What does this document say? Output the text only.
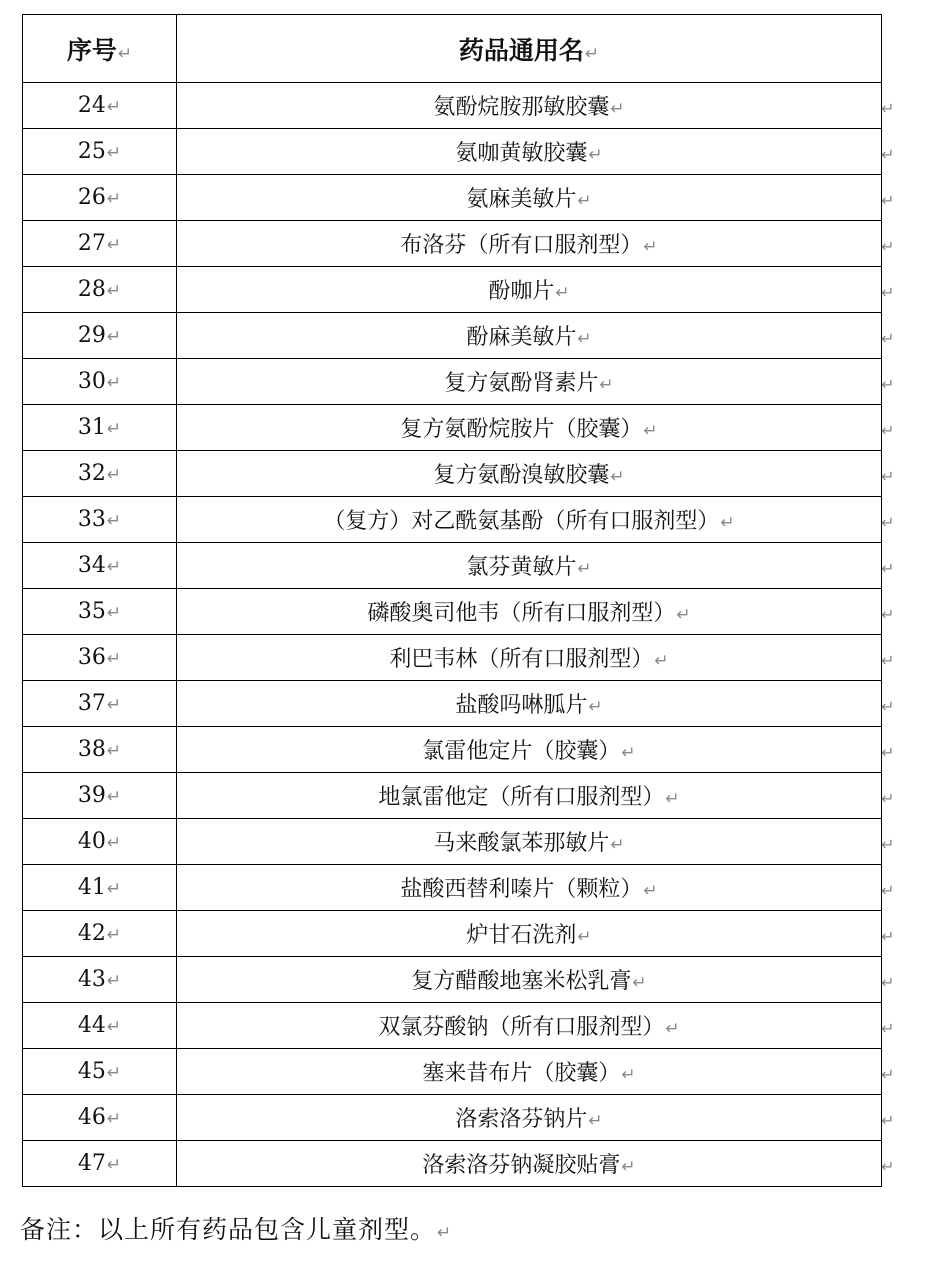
序号↵	药品通用名↵
24↵	氨酚烷胺那敏胶囊↵
25↵	氨咖黄敏胶囊↵
26↵	氨麻美敏片↵
27↵	布洛芬（所有口服剂型）↵
28↵	酚咖片↵
29↵	酚麻美敏片↵
30↵	复方氨酚肾素片↵
31↵	复方氨酚烷胺片（胶囊）↵
32↵	复方氨酚溴敏胶囊↵
33↵	（复方）对乙酰氨基酚（所有口服剂型）↵
34↵	氯芬黄敏片↵
35↵	磷酸奥司他韦（所有口服剂型）↵
36↵	利巴韦林（所有口服剂型）↵
37↵	盐酸吗啉胍片↵
38↵	氯雷他定片（胶囊）↵
39↵	地氯雷他定（所有口服剂型）↵
40↵	马来酸氯苯那敏片↵
41↵	盐酸西替利嗪片（颗粒）↵
42↵	炉甘石洗剂↵
43↵	复方醋酸地塞米松乳膏↵
44↵	双氯芬酸钠（所有口服剂型）↵
45↵	塞来昔布片（胶囊）↵
46↵	洛索洛芬钠片↵
47↵	洛索洛芬钠凝胶贴膏↵
↵
↵
↵
↵
↵
↵
↵
↵
↵
↵
↵
↵
↵
↵
↵
↵
↵
↵
↵
↵
↵
↵
↵
↵
备注：以上所有药品包含儿童剂型。↵
